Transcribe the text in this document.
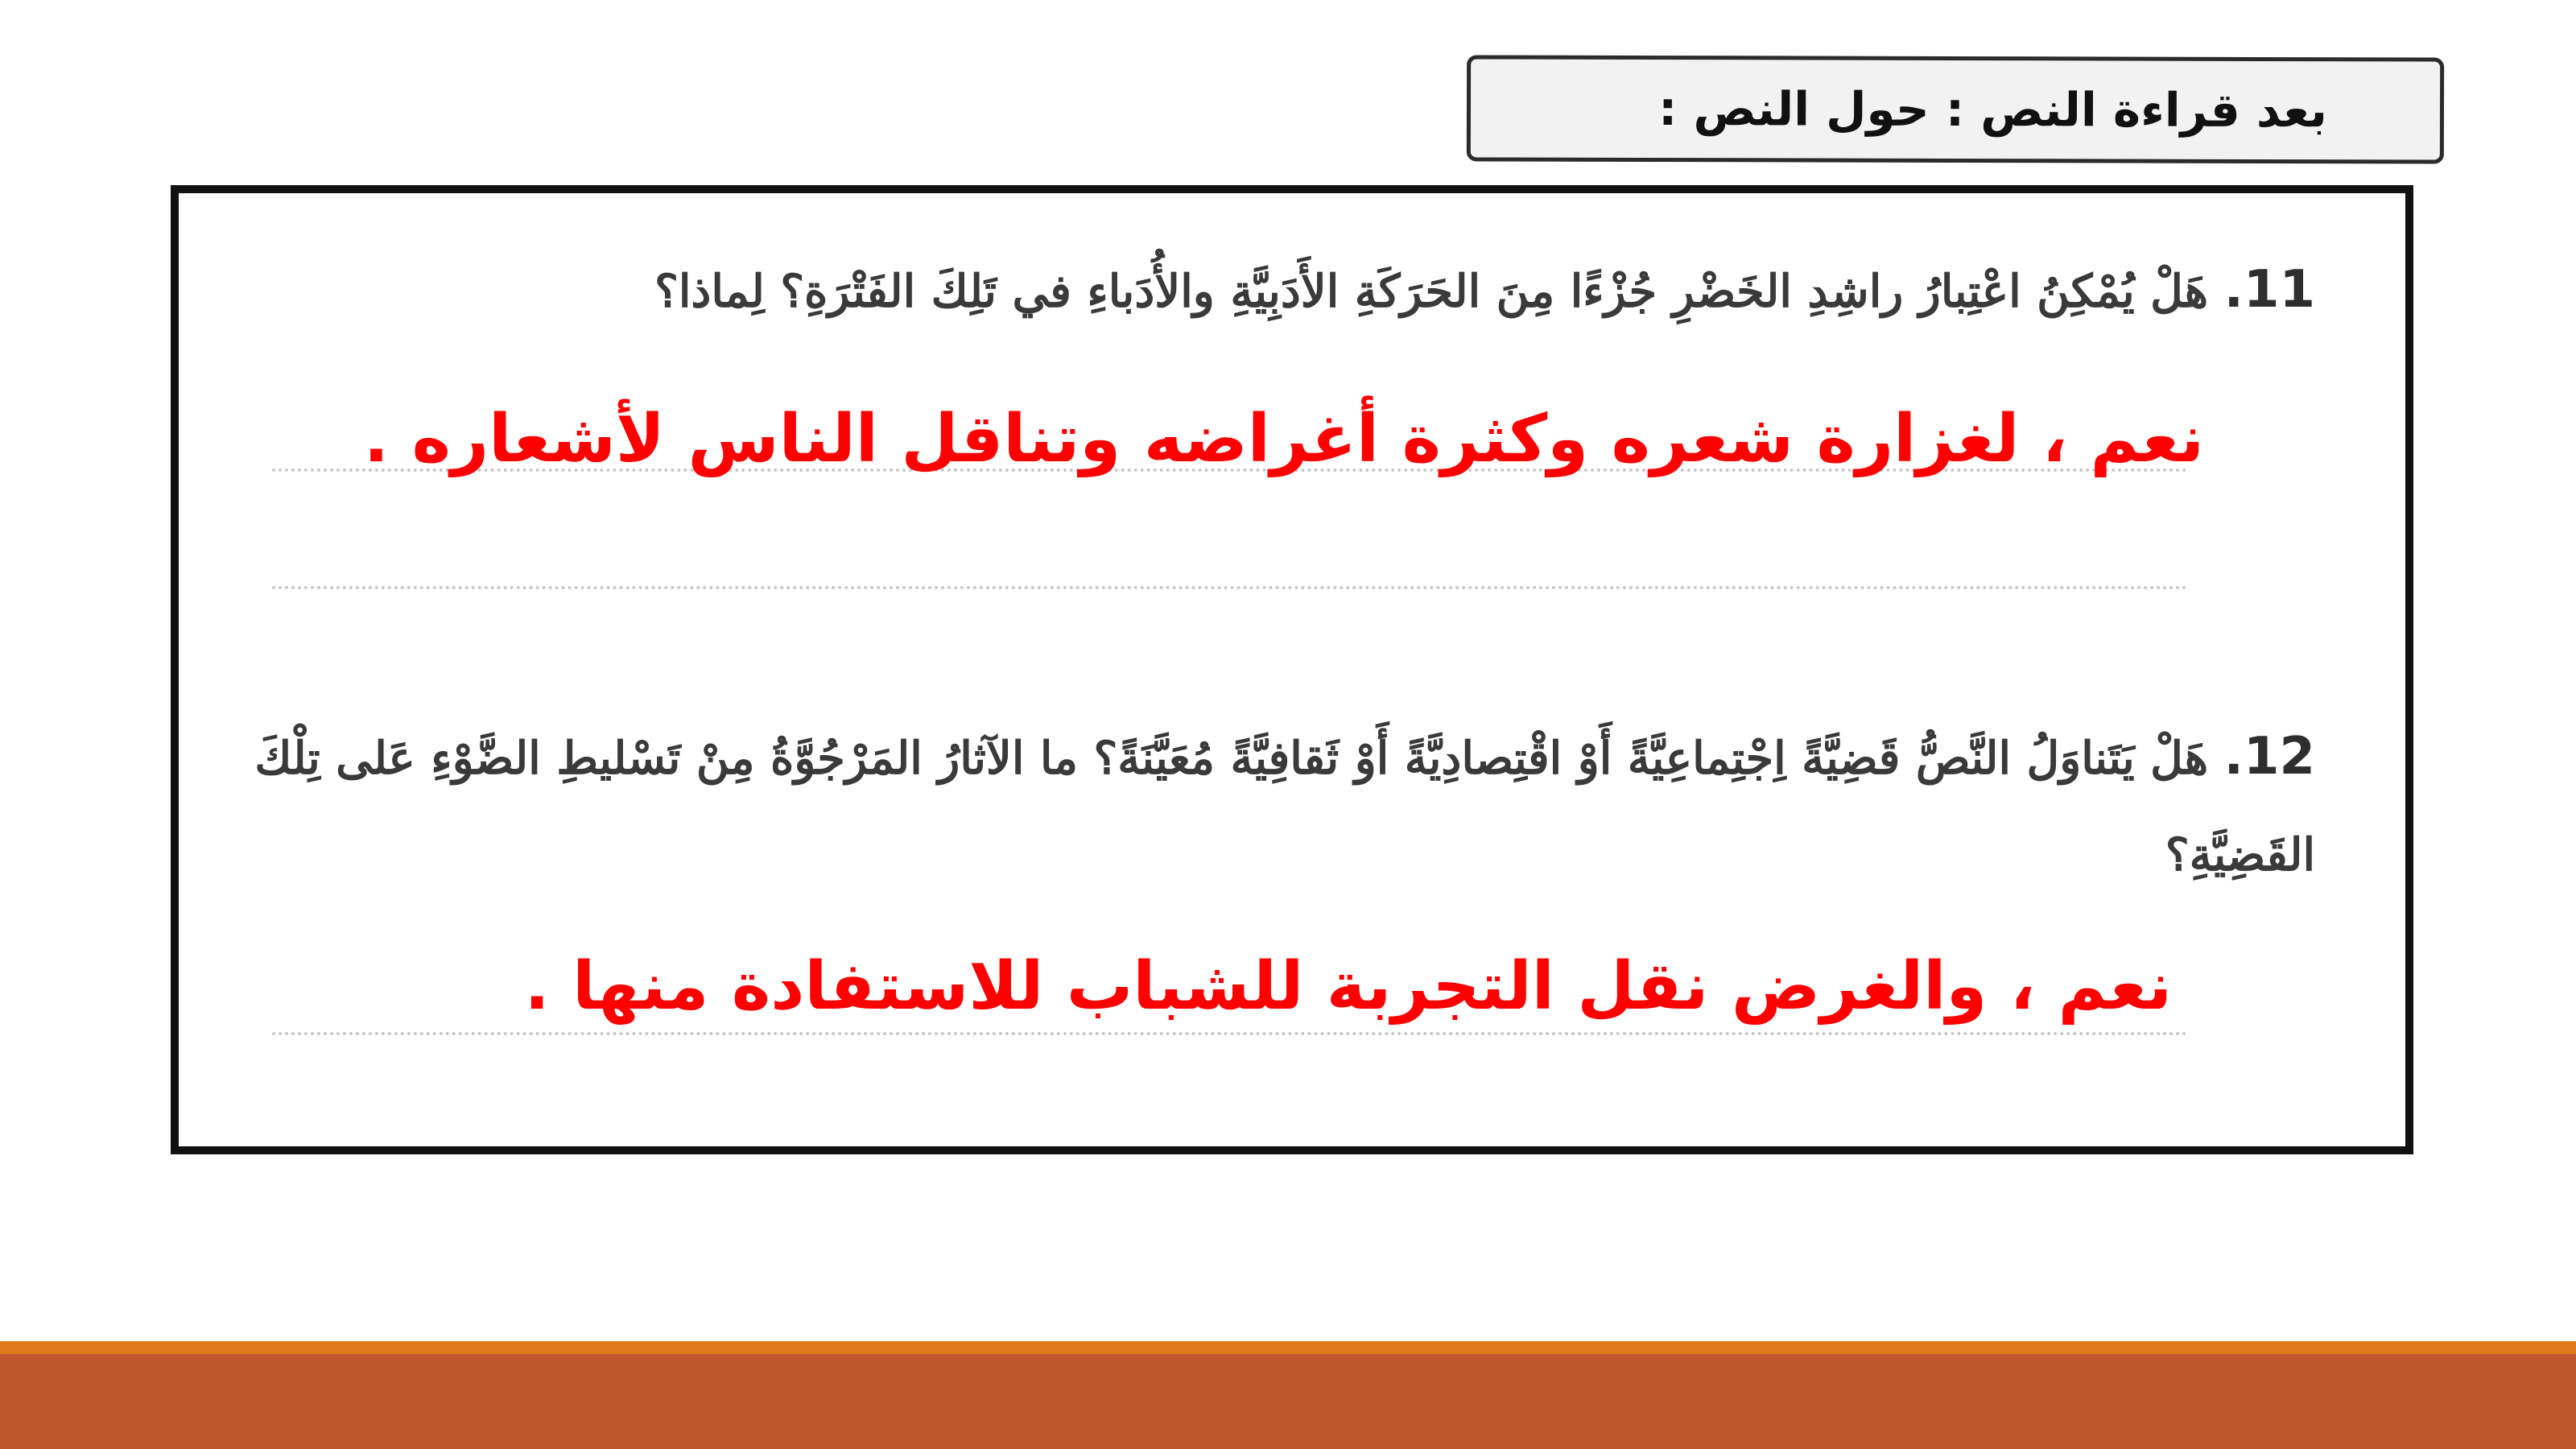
بعد قراءة النص : حول النص :
11. هَلْ يُمْكِنُ اعْتِبارُ راشِدِ الخَضْرِ جُزْءًا مِنَ الحَرَكَةِ الأَدَبِيَّةِ والأُدَباءِ في تَلِكَ الفَتْرَةِ؟ لِماذا؟
نعم ، لغزارة شعره وكثرة أغراضه وتناقل الناس لأشعاره .
12. هَلْ يَتَناوَلُ النَّصُّ قَضِيَّةً اِجْتِماعِيَّةً أَوْ اقْتِصادِيَّةً أَوْ ثَقافِيَّةً مُعَيَّنَةً؟ ما الآثارُ المَرْجُوَّةُ مِنْ تَسْليطِ الضَّوْءِ عَلى تِلْكَ القَضِيَّةِ؟
نعم ، والغرض نقل التجربة للشباب للاستفادة منها .
